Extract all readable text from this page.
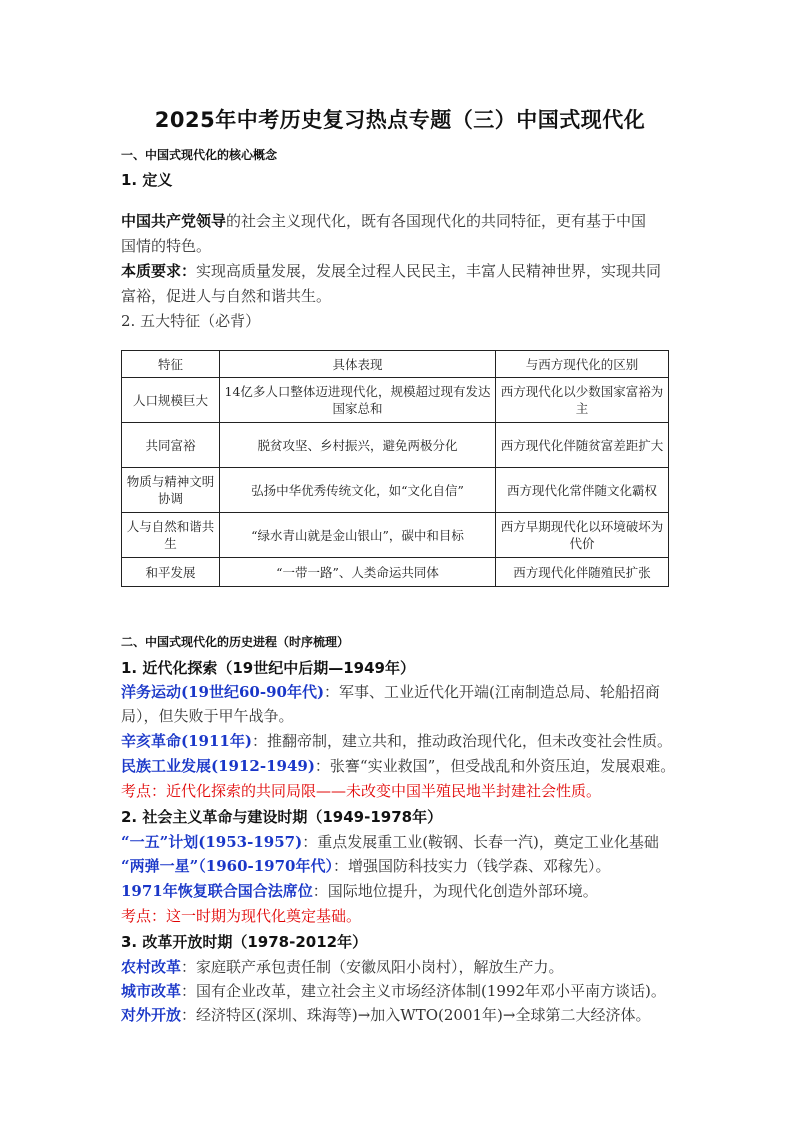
2025年中考历史复习热点专题（三）中国式现代化
一、中国式现代化的核心概念
1. 定义
中国共产党领导的社会主义现代化，既有各国现代化的共同特征，更有基于中国
国情的特色。
本质要求：实现高质量发展，发展全过程人民民主，丰富人民精神世界，实现共同
富裕，促进人与自然和谐共生。
2. 五大特征（必背）
特征	具体表现	与西方现代化的区别
人口规模巨大	14亿多人口整体迈进现代化，规模超过现有发达国家总和	西方现代化以少数国家富裕为主
共同富裕	脱贫攻坚、乡村振兴，避免两极分化	西方现代化伴随贫富差距扩大
物质与精神文明协调	弘扬中华优秀传统文化，如“文化自信”	西方现代化常伴随文化霸权
人与自然和谐共生	“绿水青山就是金山银山”，碳中和目标	西方早期现代化以环境破坏为代价
和平发展	“一带一路”、人类命运共同体	西方现代化伴随殖民扩张
二、中国式现代化的历史进程（时序梳理）
1. 近代化探索（19世纪中后期—1949年）
洋务运动(19世纪60-90年代)：军事、工业近代化开端(江南制造总局、轮船招商
局），但失败于甲午战争。
辛亥革命(1911年)：推翻帝制，建立共和，推动政治现代化，但未改变社会性质。
民族工业发展(1912-1949)：张謇“实业救国”，但受战乱和外资压迫，发展艰难。
考点：近代化探索的共同局限——未改变中国半殖民地半封建社会性质。
2. 社会主义革命与建设时期（1949-1978年）
“一五”计划(1953-1957)：重点发展重工业(鞍钢、长春一汽)，奠定工业化基础
“两弹一星”（1960-1970年代）：增强国防科技实力（钱学森、邓稼先）。
1971年恢复联合国合法席位：国际地位提升，为现代化创造外部环境。
考点：这一时期为现代化奠定基础。
3. 改革开放时期（1978-2012年）
农村改革：家庭联产承包责任制（安徽凤阳小岗村），解放生产力。
城市改革：国有企业改革，建立社会主义市场经济体制(1992年邓小平南方谈话)。
对外开放：经济特区(深圳、珠海等)→加入WTO(2001年)→全球第二大经济体。
